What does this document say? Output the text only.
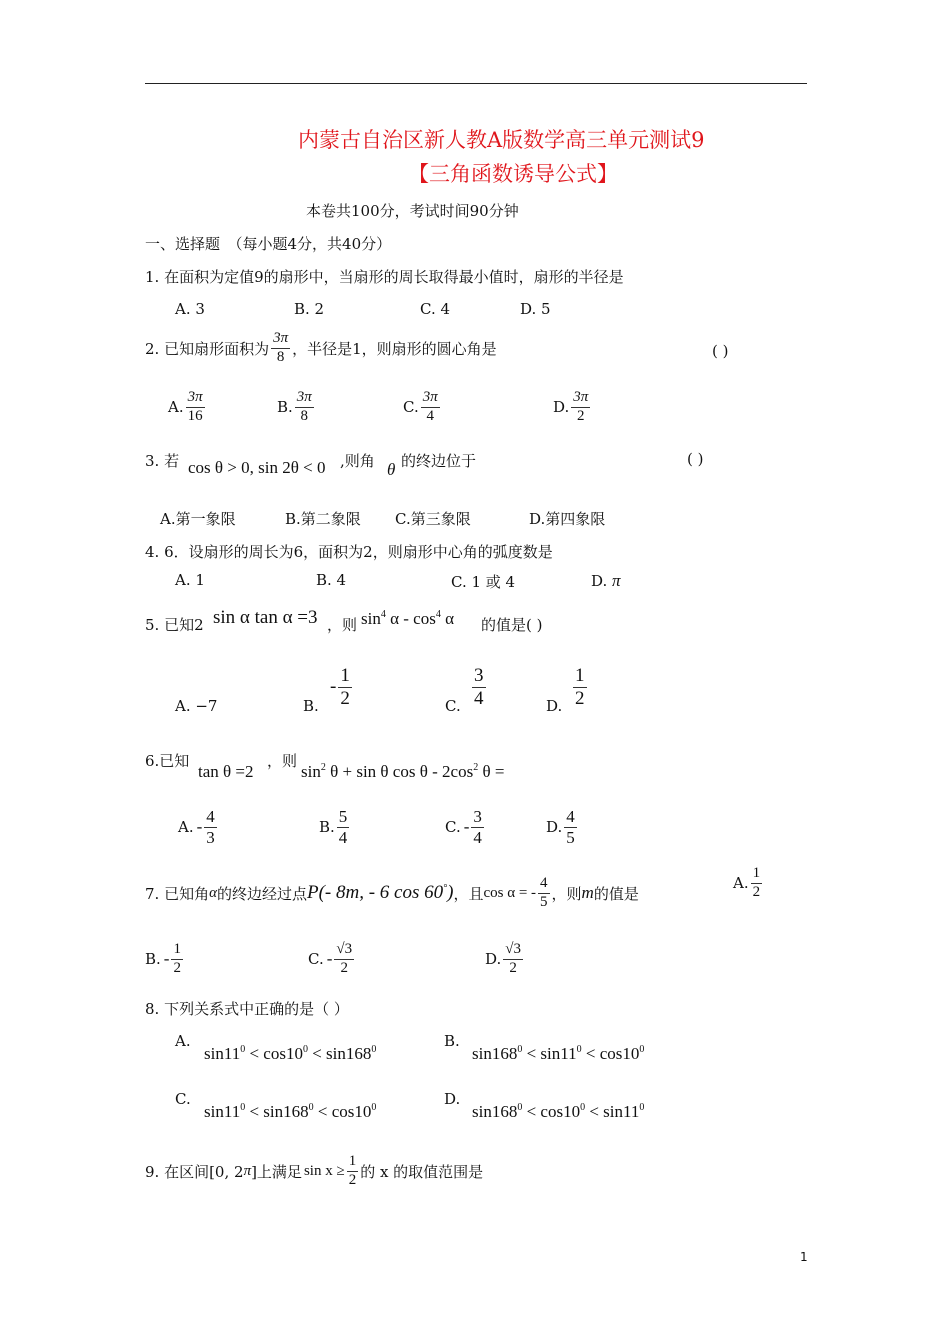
内蒙古自治区新人教A版数学高三单元测试9
【三角函数诱导公式】
本卷共100分，考试时间90分钟
一、选择题　（每小题4分，共40分）
1. 在面积为定值9的扇形中，当扇形的周长取得最小值时，扇形的半径是
A. 3	B. 2	C. 4	D. 5
2. 已知扇形面积为 $\frac{3\pi}{8}$ ，半径是1，则扇形的圆心角是	( )
A. $\frac{3\pi}{16}$	B. $\frac{3\pi}{8}$	C. $\frac{3\pi}{4}$	D. $\frac{3\pi}{2}$
3. 若 cos θ > 0, sin 2θ < 0 ,则角 θ 的终边位于	( )
A.第一象限	B.第二象限 C.第三象限	D.第四象限
4. 6．设扇形的周长为6，面积为2，则扇形中心角的弧度数是
A. 1	B. 4	C. 1 或 4	D. π
5. 已知2 sin α tan α =3 ，则 $\sin^4 \alpha - \cos^4 \alpha$ 的值是( )
A. −7	B.
- $\frac{1}{2}$	C. $\frac{3}{4}$	D. $\frac{1}{2}$
6.已知
tan θ =2
，则
$\sin^2 \theta + \sin \theta$ cos θ - $2\cos^2$ θ =
A. - $\frac{4}{3}$	B. $\frac{5}{4}$	C. - $\frac{3}{4}$	D. $\frac{4}{5}$
7. 已知角 α 的终边经过点 P(- 8m, - 6 cos 60°) ，且 cos α = - $\frac{4}{5}$ ，则 m 的值是
A. $\frac{1}{2}$
B. - $\frac{1}{2}$	C. - $\frac{√3}{2}$	D. $\frac{√3}{2}$
8. 下列关系式中正确的是（ ）
A.
$\sin 11^0 < \cos 10^0 < \sin 168^0$	B.
$\sin 168^0 < \sin 11^0 < \cos 10^0$
C.
$\sin 11^0 < \sin 168^0 < \cos 10^0$	D.
$\sin 168^0 < \cos 10^0 < \sin 11^0$
9. 在区间[0, 2 π ]上满足 $\sin x \ge \frac{1}{2}$ 的 x 的取值范围是
1
